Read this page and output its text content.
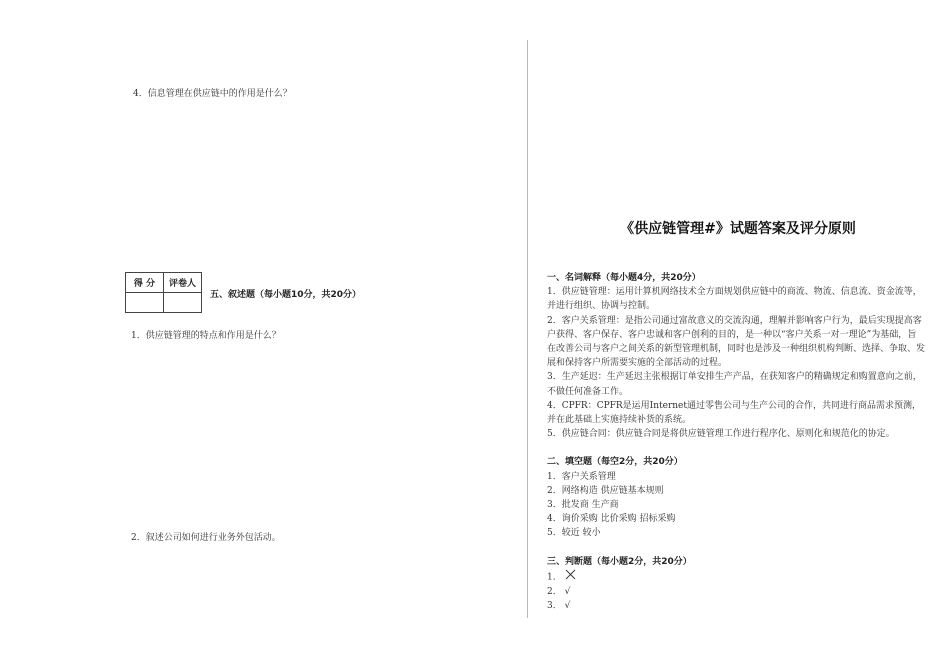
4．信息管理在供应链中的作用是什么？
得 分	评卷人

五、叙述题（每小题10分，共20分）
1．供应链管理的特点和作用是什么？
2．叙述公司如何进行业务外包活动。
《供应链管理#》试题答案及评分原则

一、名词解释（每小题4分，共20分）

1．供应链管理：运用计算机网络技术全方面规划供应链中的商流、物流、信息流、资金流等，并进行组织、协调与控制。

2．客户关系管理：是指公司通过富故意义的交流沟通，理解并影响客户行为，最后实现提高客户获得、客户保存、客户忠诚和客户创利的目的，是一种以“客户关系一对一理论”为基础，旨在改善公司与客户之间关系的新型管理机制，同时也是涉及一种组织机构判断、选择、争取、发展和保持客户所需要实施的全部活动的过程。

3．生产延迟：生产延迟主张根据订单安排生产产品，在获知客户的精确规定和购置意向之前，不做任何准备工作。

4．CPFR：CPFR是运用Internet通过零售公司与生产公司的合作，共同进行商品需求预测，并在此基础上实施持续补货的系统。

5．供应链合同：供应链合同是将供应链管理工作进行程序化、原则化和规范化的协定。

二、填空题（每空2分，共20分）

1．客户关系管理

2．网络构造 供应链基本规则

3．批发商 生产商

4．询价采购 比价采购 招标采购

5．较近 较小

三、判断题（每小题2分，共20分）

1．

2． √

3． √
